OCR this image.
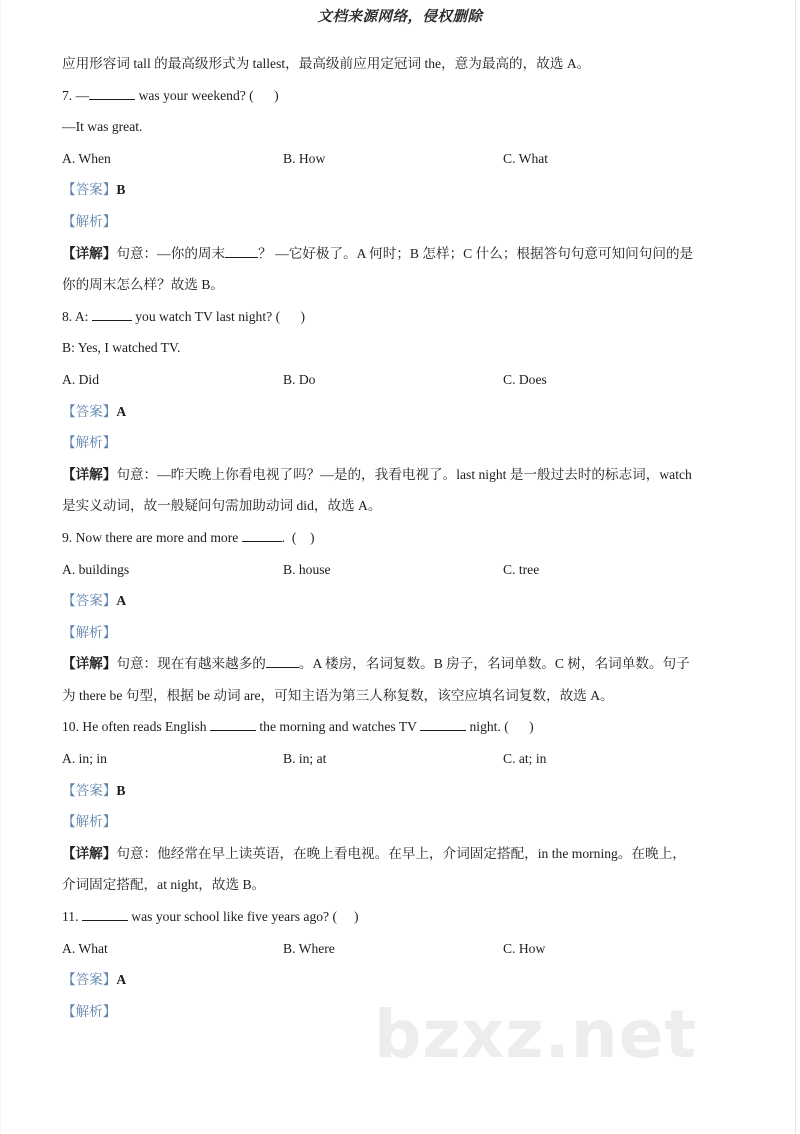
文档来源网络，侵权删除
bzxz.net
应用形容词 tall 的最高级形式为 tallest，最高级前应用定冠词 the，意为最高的，故选 A。
7. —	was your weekend? (      )
—It was great.
A. When	B. How	C. What
【答案】B
【解析】
【详解】句意：—你的周末 ？ —它好极了。A 何时；B 怎样；C 什么；根据答句句意可知问句问的是
你的周末怎么样？故选 B。
8. A:	you watch TV last night? (      )
B: Yes, I watched TV.
A. Did	B. Do	C. Does
【答案】A
【解析】
【详解】句意：—昨天晚上你看电视了吗？—是的，我看电视了。last night 是一般过去时的标志词，watch
是实义动词，故一般疑问句需加助动词 did，故选 A。
9. Now there are more and more	.  (    )
A. buildings	B. house	C. tree
【答案】A
【解析】
【详解】句意：现在有越来越多的 。A 楼房，名词复数。B 房子，名词单数。C 树，名词单数。句子
为 there be 句型，根据 be 动词 are，可知主语为第三人称复数，该空应填名词复数，故选 A。
10. He often reads English	the morning and watches TV	night. (      )
A. in; in	B. in; at	C. at; in
【答案】B
【解析】
【详解】句意：他经常在早上读英语，在晚上看电视。在早上，介词固定搭配，in the morning。在晚上，
介词固定搭配，at night，故选 B。
11.	was your school like five years ago? (     )
A. What	B. Where	C. How
【答案】A
【解析】
